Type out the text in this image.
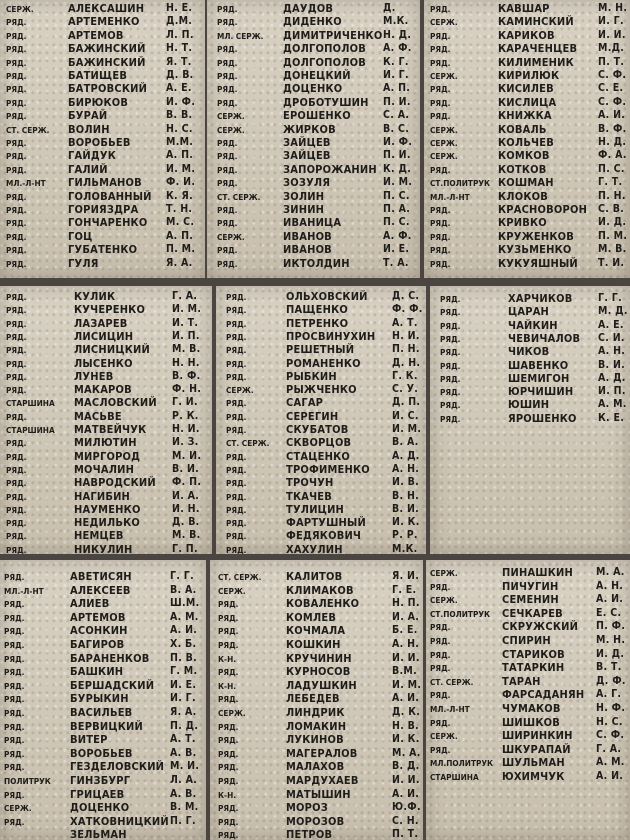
СЕРЖ.	АЛЕКСАШИН Н. Е.
РЯД.	АРТЕМЕНКО	Д.М.
РЯД.	АРТЕМОВ	Л. П.
РЯД.	БАЖИНСКИЙ Н. Т.
РЯД.	БАЖИНСКИЙ Я. Т.
РЯД.	БАТИЩЕВ	Д. В.
РЯД.	БАТРОВСКИЙ А. Е.
РЯД.	БИРЮКОВ	И. Ф.
РЯД.	БУРАЙ	В. В.
СТ. СЕРЖ. ВОЛИН	Н. С.
РЯД.	ВОРОБЬЕВ	М.М.
РЯД.	ГАЙДУК	А. П.
РЯД.	ГАЛИЙ	И. М.
МЛ.-Л-НТ ГИЛЬМАНОВ Ф. И.
РЯД.	ГОЛОВАННЫЙ К. Я.
РЯД.	ГОРИЯЗДРА	Т. Н.
РЯД.	ГОНЧАРЕНКО М. С.
РЯД.	ГОЦ	А. П.
РЯД.	ГУБАТЕНКО	П. М.
РЯД.	ГУЛЯ	Я. А.
РЯД.	ДАУДОВ	Д.
РЯД.	ДИДЕНКО	М.К.
МЛ. СЕРЖ. ДИМИТРИЧЕНКО Н. Д.
РЯД.	ДОЛГОПОЛОВ А. Ф.
РЯД.	ДОЛГОПОЛОВ К. Г.
РЯД.	ДОНЕЦКИЙ	И. Г.
РЯД.	ДОЦЕНКО	А. П.
РЯД.	ДРОБОТУШИН П. И.
СЕРЖ.	ЕРОШЕНКО	С. А.
СЕРЖ.	ЖИРКОВ	В. С.
РЯД.	ЗАЙЦЕВ	И. Ф.
РЯД.	ЗАЙЦЕВ	П. И.
РЯД.	ЗАПОРОЖАНИН К. Д.
РЯД.	ЗОЗУЛЯ	И. М.
СТ. СЕРЖ. ЗОЛИН	П. С.
РЯД.	ЗИНИН	П. А.
РЯД.	ИВАНИЦА	П. С.
СЕРЖ.	ИВАНОВ	А. Ф.
РЯД.	ИВАНОВ	И. Е.
РЯД.	ИКТОЛДИН	Т. А.
РЯД.	КАВШАР	М. Н.
СЕРЖ.	КАМИНСКИЙ И. Г.
РЯД.	КАРИКОВ	И. И.
РЯД.	КАРАЧЕНЦЕВ М.Д.
РЯД.	КИЛИМЕНИК П. Т.
СЕРЖ.	КИРИЛЮК	С. Ф.
РЯД.	КИСИЛЕВ	С. Е.
РЯД.	КИСЛИЦА	С. Ф.
РЯД.	КНИЖКА	А. И.
СЕРЖ.	КОВАЛЬ	В. Ф.
СЕРЖ.	КОЛЬЧЕВ	Н. Д.
СЕРЖ.	КОМКОВ	Ф. А.
РЯД.	КОТКОВ	П. С.
СТ.ПОЛИТРУК КОШМАН	Г. Т.
МЛ.-Л-НТ	КЛОКОВ	П. Н.
РЯД.	КРАСНОВОРОН С. В.
РЯД.	КРИВКО	И. Д.
РЯД.	КРУЖЕНКОВ П. М.
РЯД.	КУЗЬМЕНКО	М. В.
РЯД.	КУКУЯШНЫЙ Т. И.
РЯД.	КУЛИК	Г. А.
РЯД.	КУЧЕРЕНКО	И. М.
РЯД.	ЛАЗАРЕВ	И. Т.
РЯД.	ЛИСИЦИН	И. П.
РЯД.	ЛИСНИЦКИЙ М. В.
РЯД.	ЛЫСЕНКО	Н. Н.
РЯД.	ЛУНЕВ	В. Ф.
РЯД.	МАКАРОВ	Ф. Н.
СТАРШИНА МАСЛОВСКИЙ Г. И.
РЯД.	МАСЬВЕ	Р. К.
СТАРШИНА МАТВЕЙЧУК Н. И.
РЯД.	МИЛЮТИН	И. З.
РЯД.	МИРГОРОД	М. И.
РЯД.	МОЧАЛИН	В. И.
РЯД.	НАВРОДСКИЙ Ф. П.
РЯД.	НАГИБИН	И. А.
РЯД.	НАУМЕНКО	И. Н.
РЯД.	НЕДИЛЬКО	Д. В.
РЯД.	НЕМЦЕВ	М. В.
РЯД.	НИКУЛИН	Г. П.
РЯД.	ОЛЬХОВСКИЙ Д. С.
РЯД.	ПАЩЕНКО	Ф. Ф.
РЯД.	ПЕТРЕНКО	А. Т.
РЯД.	ПРОСВИНУХИН Н. И.
РЯД.	РЕШЕТНЫЙ	П. Н.
РЯД.	РОМАНЕНКО	Д. Н.
РЯД.	РЫБКИН	Г. К.
СЕРЖ.	РЫЖЧЕНКО	С. У.
РЯД.	САГАР	Д. П.
РЯД.	СЕРЕГИН	И. С.
РЯД.	СКУБАТОВ	И. М.
СТ. СЕРЖ. СКВОРЦОВ	В. А.
РЯД.	СТАЦЕНКО	А. Д.
РЯД.	ТРОФИМЕНКО А. Н.
РЯД.	ТРОЧУН	И. В.
РЯД.	ТКАЧЕВ	В. Н.
РЯД.	ТУЛИЦИН	В. И.
РЯД.	ФАРТУШНЫЙ И. К.
РЯД.	ФЕДЯКОВИЧ	Р. Р.
РЯД.	ХАХУЛИН	М.К.
РЯД.	ХАРЧИКОВ Г. Г.
РЯД.	ЦАРАН	М. Д.
РЯД.	ЧАЙКИН	А. Е.
РЯД.	ЧЕВИЧАЛОВ С. И.
РЯД.	ЧИКОВ	А. Н.
РЯД.	ШАВЕНКО	В. И.
РЯД.	ШЕМИГОН	А. Д.
РЯД.	ЮРЧИШИН И. П.
РЯД.	ЮШИН	А. М.
РЯД.	ЯРОШЕНКО К. Е.
РЯД.	АВЕТИСЯН	Г. Г.
МЛ.-Л-НТ АЛЕКСЕЕВ	В. А.
РЯД.	АЛИЕВ	Ш.М.
РЯД.	АРТЕМОВ	А. М.
РЯД.	АСОНКИН	А. И.
РЯД.	БАГИРОВ	Х. Б.
РЯД.	БАРАНЕНКОВ П. В.
РЯД.	БАШКИН	Г. М.
РЯД.	БЕРШАДСКИЙ И. Е.
РЯД.	БУРЫКИН	И. Г.
РЯД.	ВАСИЛЬЕВ	Я. А.
РЯД.	ВЕРВИЦКИЙ	П. Д.
РЯД.	ВИТЕР	А. Т.
РЯД.	ВОРОБЬЕВ	А. В.
РЯД.	ГЕЗДЕЛОВСКИЙ М. И.
ПОЛИТРУК ГИНЗБУРГ	Л. А.
РЯД.	ГРИЦАЕВ	А. В.
СЕРЖ.	ДОЦЕНКО	В. М.
РЯД.	ХАТКОВНИЦКИЙ П. Г.
ЗЕЛЬМАН
СТ. СЕРЖ. КАЛИТОВ	Я. И.
СЕРЖ.	КЛИМАКОВ	Г. Е.
РЯД.	КОВАЛЕНКО	Н. П.
РЯД.	КОМЛЕВ	И. А.
РЯД.	КОЧМАЛА	Б. Е.
РЯД.	КОШКИН	А. Н.
К-Н.	КРУЧИНИН	И. И.
РЯД.	КУРНОСОВ	В.М.
К-Н.	ЛАДУШКИН	И. М.
РЯД.	ЛЕБЕДЕВ	А. И.
СЕРЖ.	ЛИНДРИК	Д. К.
РЯД.	ЛОМАКИН	Н. В.
РЯД.	ЛУКИНОВ	И. К.
РЯД.	МАГЕРАЛОВ	М. А.
РЯД.	МАЛАХОВ	В. Д.
РЯД.	МАРДУХАЕВ	И. И.
К-Н.	МАТЫШИН	А. И.
РЯД.	МОРОЗ	Ю.Ф.
РЯД.	МОРОЗОВ	С. Н.
РЯД.	ПЕТРОВ	П. Т.
СЕРЖ.	ПИНАШКИН М. А.
РЯД.	ПИЧУГИН	А. Н.
СЕРЖ.	СЕМЕНИН	А. И.
СТ.ПОЛИТРУК СЕЧКАРЕВ	Е. С.
РЯД.	СКРУЖСКИЙ П. Ф.
РЯД.	СПИРИН	М. Н.
РЯД.	СТАРИКОВ	И. Д.
РЯД.	ТАТАРКИН	В. Т.
СТ. СЕРЖ.	ТАРАН	Д. Ф.
РЯД.	ФАРСАДАНЯН А. Г.
МЛ.-Л-НТ	ЧУМАКОВ	Н. Ф.
РЯД.	ШИШКОВ	Н. С.
СЕРЖ.	ШИРИНКИН С. Ф.
РЯД.	ШКУРАПАЙ Г. А.
МЛ.ПОЛИТРУК ШУЛЬМАН	А. М.
СТАРШИНА ЮХИМЧУК	А. И.
